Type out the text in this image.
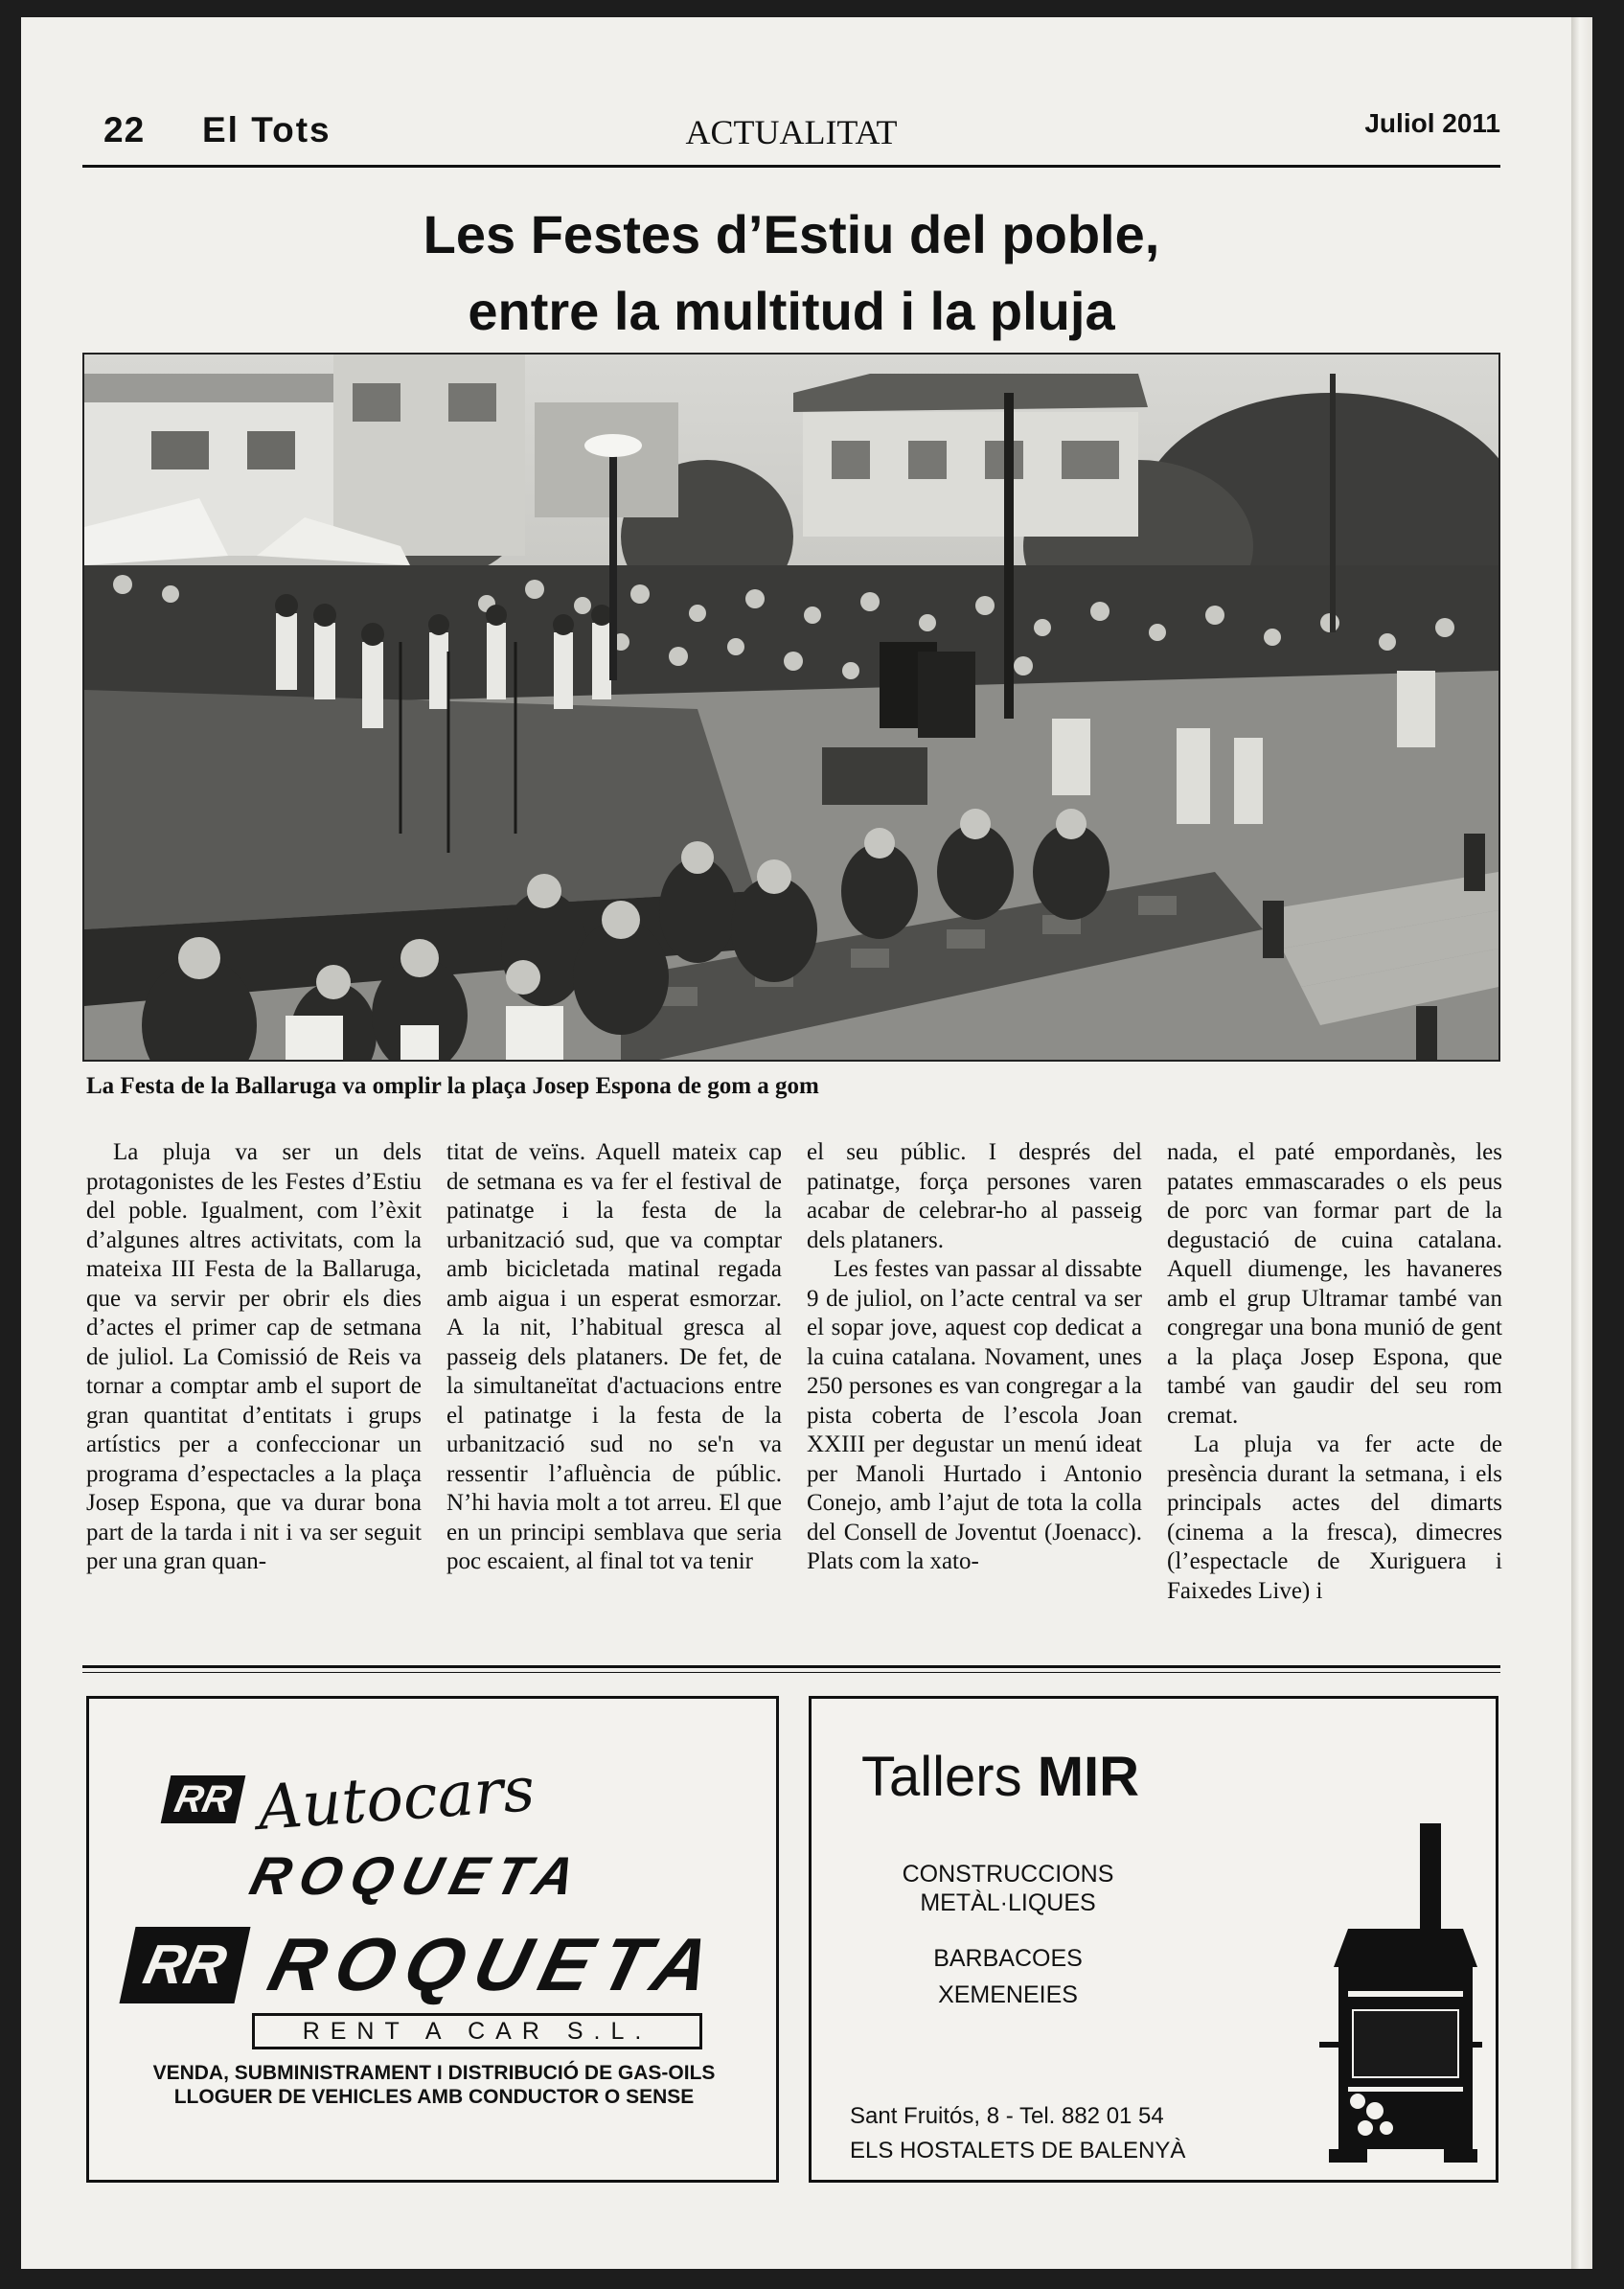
22 El Tots	ACTUALITAT	Juliol 2011
Les Festes d’Estiu del poble,
entre la multitud i la pluja
La Festa de la Ballaruga va omplir la plaça Josep Espona de gom a gom

La pluja va ser un dels protagonistes de les Festes d’Estiu del poble. Igualment, com l’èxit d’algunes altres activitats, com la mateixa III Festa de la Ballaruga, que va servir per obrir els dies d’actes el primer cap de setmana de juliol. La Comissió de Reis va tornar a comptar amb el suport de gran quantitat d’entitats i grups artístics per a confeccionar un programa d’espectacles a la plaça Josep Espona, que va durar bona part de la tarda i nit i va ser seguit per una gran quan-

titat de veïns. Aquell mateix cap de setmana es va fer el festival de patinatge i la festa de la urbanització sud, que va comptar amb bicicletada matinal regada amb aigua i un esperat esmorzar. A la nit, l’habitual gresca al passeig dels plataners. De fet, de la simultaneïtat d'actuacions entre el patinatge i la festa de la urbanització sud no se'n va ressentir l’afluència de públic. N’hi havia molt a tot arreu. El que en un principi semblava que seria poc escaient, al final tot va tenir

el seu públic. I després del patinatge, força persones varen acabar de celebrar-ho al passeig dels plataners.

Les festes van passar al dissabte 9 de juliol, on l’acte central va ser el sopar jove, aquest cop dedicat a la cuina catalana. Novament, unes 250 persones es van congregar a la pista coberta de l’escola Joan XXIII per degustar un menú ideat per Manoli Hurtado i Antonio Conejo, amb l’ajut de tota la colla del Consell de Joventut (Joenacc). Plats com la xato-

nada, el paté empordanès, les patates emmascarades o els peus de porc van formar part de la degustació de cuina catalana. Aquell diumenge, les havaneres amb el grup Ultramar també van congregar una bona munió de gent a la plaça Josep Espona, que també van gaudir del seu rom cremat.

La pluja va fer acte de presència durant la setmana, i els principals actes del dimarts (cinema a la fresca), dimecres (l’espectacle de Xuriguera i Faixedes Live) i

RR Autocars
ROQUETA
RR ROQUETA
RENT A CAR S.L.
VENDA, SUBMINISTRAMENT I DISTRIBUCIÓ DE GAS-OILS
LLOGUER DE VEHICLES AMB CONDUCTOR O SENSE
Tallers MIR
CONSTRUCCIONS
METÀL·LIQUES
BARBACOES
XEMENEIES
Sant Fruitós, 8 - Tel. 882 01 54
ELS HOSTALETS DE BALENYÀ
